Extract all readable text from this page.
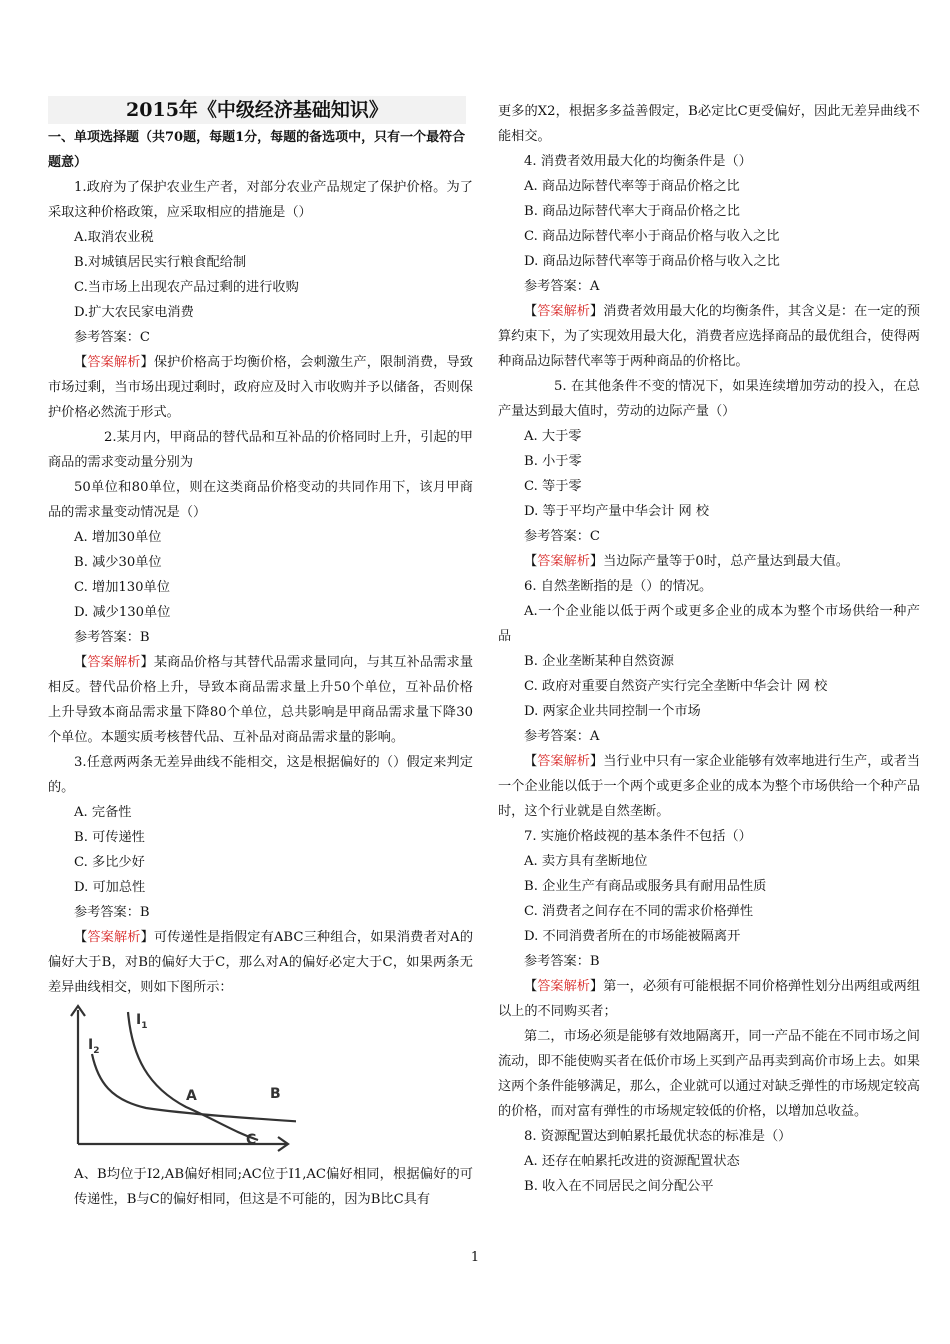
2015年《中级经济基础知识》
一、单项选择题（共70题，每题1分，每题的备选项中，只有一个最符合题意）

1.政府为了保护农业生产者，对部分农业产品规定了保护价格。为了采取这种价格政策，应采取相应的措施是（）

A.取消农业税

B.对城镇居民实行粮食配给制

C.当市场上出现农产品过剩的进行收购

D.扩大农民家电消费

参考答案：C

【答案解析】保护价格高于均衡价格，会刺激生产，限制消费，导致市场过剩，当市场出现过剩时，政府应及时入市收购并予以储备，否则保护价格必然流于形式。

2.某月内，甲商品的替代品和互补品的价格同时上升，引起的甲商品的需求变动量分别为

50单位和80单位，则在这类商品价格变动的共同作用下，该月甲商品的需求量变动情况是（）

A. 增加30单位

B. 减少30单位

C. 增加130单位

D. 减少130单位

参考答案：B

【答案解析】某商品价格与其替代品需求量同向，与其互补品需求量相反。替代品价格上升，导致本商品需求量上升50个单位，互补品价格上升导致本商品需求量下降80个单位，总共影响是甲商品需求量下降30个单位。本题实质考核替代品、互补品对商品需求量的影响。

3.任意两两条无差异曲线不能相交，这是根据偏好的（）假定来判定的。

A. 完备性

B. 可传递性

C. 多比少好

D. 可加总性

参考答案：B

【答案解析】可传递性是指假定有ABC三种组合，如果消费者对A的偏好大于B，对B的偏好大于C，那么对A的偏好必定大于C，如果两条无差异曲线相交，则如下图所示：

$I_1$
$I_2$
A	B
C

A、B均位于I2,AB偏好相同;AC位于I1,AC偏好相同，根据偏好的可传递性，B与C的偏好相同，但这是不可能的，因为B比C具有

更多的X2，根据多多益善假定，B必定比C更受偏好，因此无差异曲线不能相交。

4. 消费者效用最大化的均衡条件是（）

A. 商品边际替代率等于商品价格之比

B. 商品边际替代率大于商品价格之比

C. 商品边际替代率小于商品价格与收入之比

D. 商品边际替代率等于商品价格与收入之比

参考答案：A

【答案解析】消费者效用最大化的均衡条件，其含义是：在一定的预算约束下，为了实现效用最大化，消费者应选择商品的最优组合，使得两种商品边际替代率等于两种商品的价格比。

5. 在其他条件不变的情况下，如果连续增加劳动的投入，在总产量达到最大值时，劳动的边际产量（）

A. 大于零

B. 小于零

C. 等于零

D. 等于平均产量中华会计 网 校

参考答案：C

【答案解析】当边际产量等于0时，总产量达到最大值。

6. 自然垄断指的是（）的情况。

A.一个企业能以低于两个或更多企业的成本为整个市场供给一种产品

B. 企业垄断某种自然资源

C. 政府对重要自然资产实行完全垄断中华会计 网 校

D. 两家企业共同控制一个市场

参考答案：A

【答案解析】当行业中只有一家企业能够有效率地进行生产，或者当一个企业能以低于一个两个或更多企业的成本为整个市场供给一个种产品时，这个行业就是自然垄断。

7. 实施价格歧视的基本条件不包括（）

A. 卖方具有垄断地位

B. 企业生产有商品或服务具有耐用品性质

C. 消费者之间存在不同的需求价格弹性

D. 不同消费者所在的市场能被隔离开

参考答案：B

【答案解析】第一，必须有可能根据不同价格弹性划分出两组或两组以上的不同购买者；

第二，市场必须是能够有效地隔离开，同一产品不能在不同市场之间流动，即不能使购买者在低价市场上买到产品再卖到高价市场上去。如果这两个条件能够满足，那么，企业就可以通过对缺乏弹性的市场规定较高的价格，而对富有弹性的市场规定较低的价格，以增加总收益。

8. 资源配置达到帕累托最优状态的标准是（）

A. 还存在帕累托改进的资源配置状态

B. 收入在不同居民之间分配公平

1
